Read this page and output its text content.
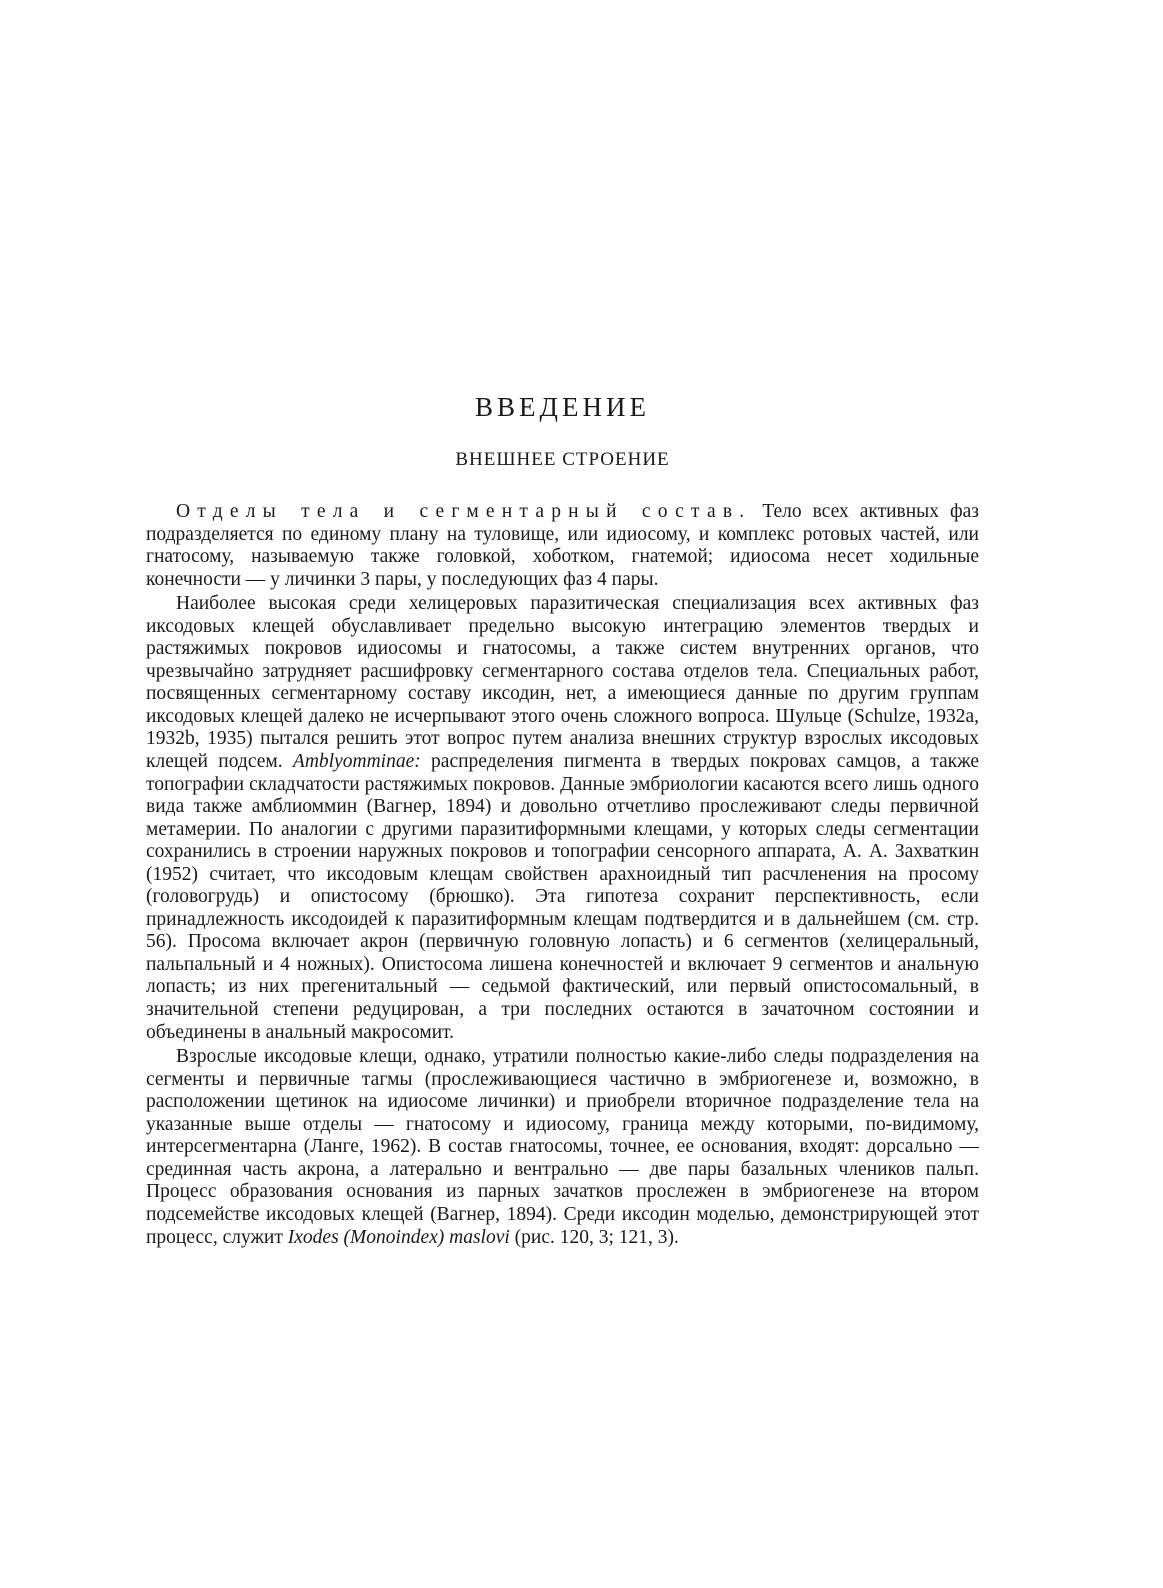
ВВЕДЕНИЕ
ВНЕШНЕЕ СТРОЕНИЕ

Отделы тела и сегментарный состав. Тело всех активных фаз подразделяется по единому плану на туловище, или идиосому, и комплекс ротовых частей, или гнатосому, называемую также головкой, хоботком, гнатемой; идиосома несет ходильные конечности — у личинки 3 пары, у последующих фаз 4 пары.

Наиболее высокая среди хелицеровых паразитическая специализация всех активных фаз иксодовых клещей обуславливает предельно высокую интеграцию элементов твердых и растяжимых покровов идиосомы и гнатосомы, а также систем внутренних органов, что чрезвычайно затрудняет расшифровку сегментарного состава отделов тела. Специальных работ, посвященных сегментарному составу иксодин, нет, а имеющиеся данные по другим группам иксодовых клещей далеко не исчерпывают этого очень сложного вопроса. Шульце (Schulze, 1932a, 1932b, 1935) пытался решить этот вопрос путем анализа внешних структур взрослых иксодовых клещей подсем. Amblyomminae: распределения пигмента в твердых покровах самцов, а также топографии складчатости растяжимых покровов. Данные эмбриологии касаются всего лишь одного вида также амблиоммин (Вагнер, 1894) и довольно отчетливо прослеживают следы первичной метамерии. По аналогии с другими паразитиформными клещами, у которых следы сегментации сохранились в строении наружных покровов и топографии сенсорного аппарата, А. А. Захваткин (1952) считает, что иксодовым клещам свойствен арахноидный тип расчленения на просому (головогрудь) и опистосому (брюшко). Эта гипотеза сохранит перспективность, если принадлежность иксодоидей к паразитиформным клещам подтвердится и в дальнейшем (см. стр. 56). Просома включает акрон (первичную головную лопасть) и 6 сегментов (хелицеральный, пальпальный и 4 ножных). Опистосома лишена конечностей и включает 9 сегментов и анальную лопасть; из них прегенитальный — седьмой фактический, или первый опистосомальный, в значительной степени редуцирован, а три последних остаются в зачаточном состоянии и объединены в анальный макросомит.

Взрослые иксодовые клещи, однако, утратили полностью какие-либо следы подразделения на сегменты и первичные тагмы (прослеживающиеся частично в эмбриогенезе и, возможно, в расположении щетинок на идиосоме личинки) и приобрели вторичное подразделение тела на указанные выше отделы — гнатосому и идиосому, граница между которыми, по-видимому, интерсегментарна (Ланге, 1962). В состав гнатосомы, точнее, ее основания, входят: дорсально — срединная часть акрона, а латерально и вентрально — две пары базальных члеников пальп. Процесс образования основания из парных зачатков прослежен в эмбриогенезе на втором подсемействе иксодовых клещей (Вагнер, 1894). Среди иксодин моделью, демонстрирующей этот процесс, служит Ixodes (Monoindex) maslovi (рис. 120, 3; 121, 3).
